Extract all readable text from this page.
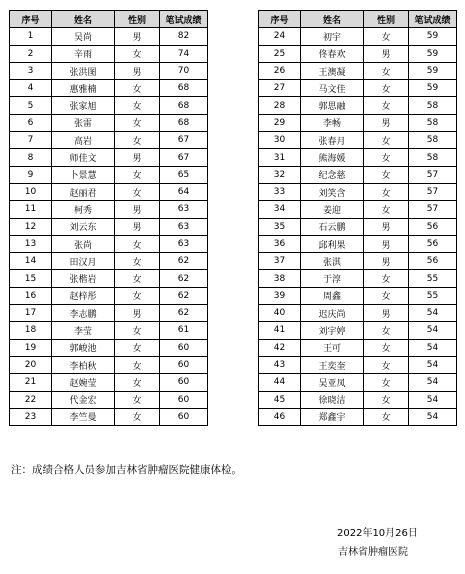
序号	姓名	性别	笔试成绩
1	吴尚	男	82
2	辛雨	女	74
3	张洪图	男	70
4	惠雅楠	女	68
5	张家旭	女	68
6	张雷	女	68
7	高岩	女	67
8	师佳文	男	67
9	卜景慧	女	65
10	赵丽君	女	64
11	柯秀	男	63
12	刘云东	男	63
13	张尚	女	63
14	田汉月	女	62
15	张楷岩	女	62
16	赵梓彤	女	62
17	李志鹏	男	62
18	李莹	女	61
19	郭峻池	女	60
20	李柏秋	女	60
21	赵婉莹	女	60
22	代金宏	女	60
23	李竺曼	女	60
序号	姓名	性别	笔试成绩
24	初宇	女	59
25	佟春欢	男	59
26	王澳凝	女	59
27	马文佳	女	59
28	郭思融	女	58
29	李畅	男	58
30	张春月	女	58
31	熊海媛	女	58
32	纪念慈	女	57
33	刘笑含	女	57
34	姜迎	女	57
35	石云鹏	男	56
36	邱利果	男	56
37	张淇	男	56
38	于淳	女	55
39	周鑫	女	55
40	迟庆尚	男	54
41	刘宇婷	女	54
42	王可	女	54
43	王奕奎	女	54
44	吴亚凤	女	54
45	徐晓洁	女	54
46	郑鑫宇	女	54
注：成绩合格人员参加吉林省肿瘤医院健康体检。
2022年10月26日
吉林省肿瘤医院
